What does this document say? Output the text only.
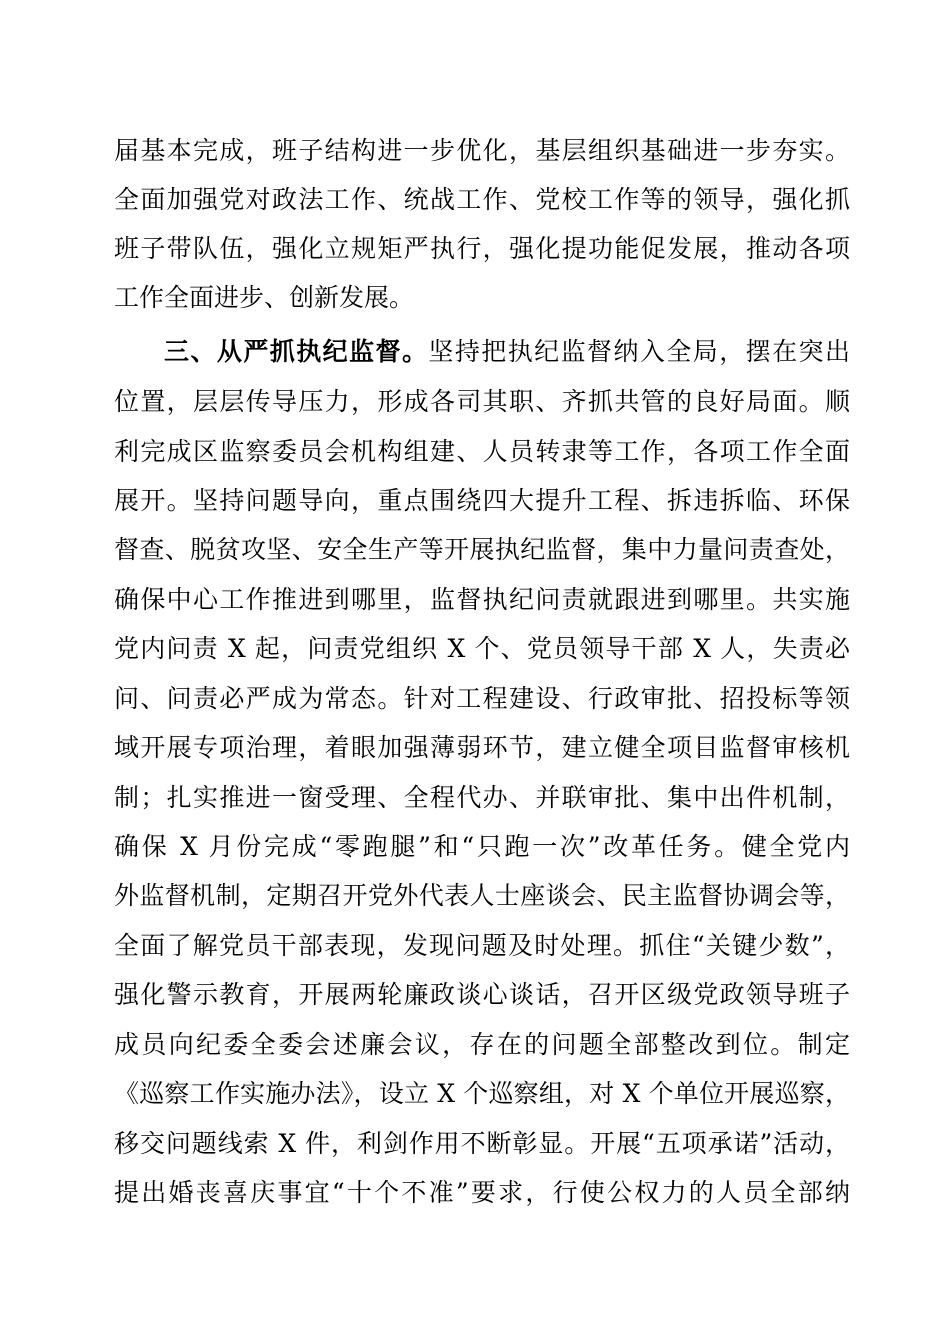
届基本完成，班子结构进一步优化，基层组织基础进一步夯实。
全面加强党对政法工作、统战工作、党校工作等的领导，强化抓
班子带队伍，强化立规矩严执行，强化提功能促发展，推动各项
工作全面进步、创新发展。
三、从严抓执纪监督。坚持把执纪监督纳入全局，摆在突出
位置，层层传导压力，形成各司其职、齐抓共管的良好局面。顺
利完成区监察委员会机构组建、人员转隶等工作，各项工作全面
展开。坚持问题导向，重点围绕四大提升工程、拆违拆临、环保
督查、脱贫攻坚、安全生产等开展执纪监督，集中力量问责查处，
确保中心工作推进到哪里，监督执纪问责就跟进到哪里。共实施
党内问责 X 起，问责党组织 X 个、党员领导干部 X 人，失责必
问、问责必严成为常态。针对工程建设、行政审批、招投标等领
域开展专项治理，着眼加强薄弱环节，建立健全项目监督审核机
制；扎实推进一窗受理、全程代办、并联审批、集中出件机制，
确保 X 月份完成“零跑腿”和“只跑一次”改革任务。健全党内
外监督机制，定期召开党外代表人士座谈会、民主监督协调会等，
全面了解党员干部表现，发现问题及时处理。抓住“关键少数”，
强化警示教育，开展两轮廉政谈心谈话，召开区级党政领导班子
成员向纪委全委会述廉会议，存在的问题全部整改到位。制定
《巡察工作实施办法》，设立 X 个巡察组，对 X 个单位开展巡察，
移交问题线索 X 件，利剑作用不断彰显。开展“五项承诺”活动，
提出婚丧喜庆事宜“十个不准”要求，行使公权力的人员全部纳
